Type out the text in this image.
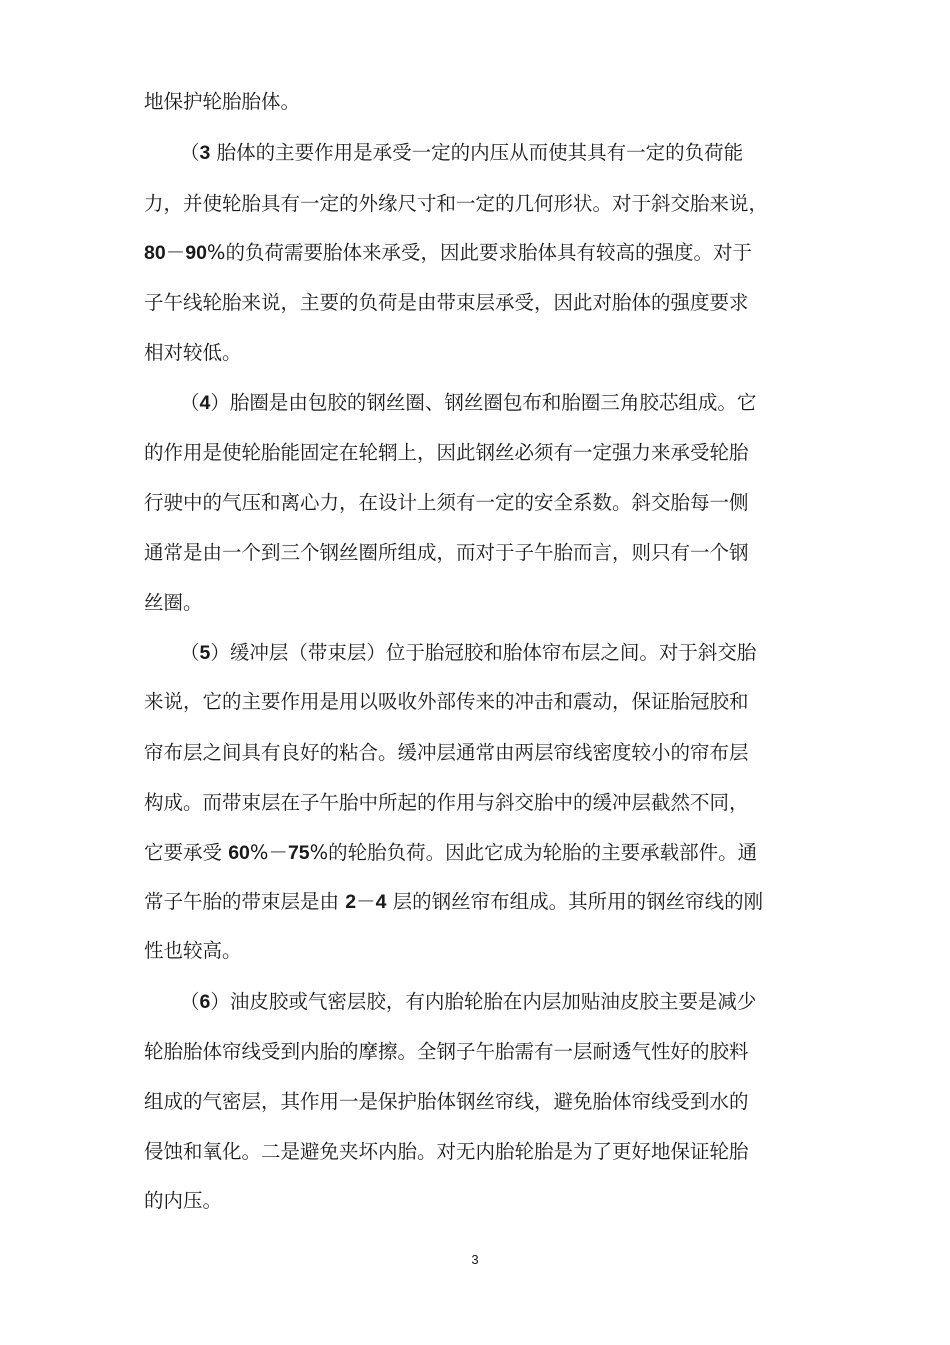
地保护轮胎胎体。
（3 胎体的主要作用是承受一定的内压从而使其具有一定的负荷能
力，并使轮胎具有一定的外缘尺寸和一定的几何形状。对于斜交胎来说，
80－90%的负荷需要胎体来承受，因此要求胎体具有较高的强度。对于
子午线轮胎来说，主要的负荷是由带束层承受，因此对胎体的强度要求
相对较低。
（4）胎圈是由包胶的钢丝圈、钢丝圈包布和胎圈三角胶芯组成。它
的作用是使轮胎能固定在轮辋上，因此钢丝必须有一定强力来承受轮胎
行驶中的气压和离心力，在设计上须有一定的安全系数。斜交胎每一侧
通常是由一个到三个钢丝圈所组成，而对于子午胎而言，则只有一个钢
丝圈。
（5）缓冲层（带束层）位于胎冠胶和胎体帘布层之间。对于斜交胎
来说，它的主要作用是用以吸收外部传来的冲击和震动，保证胎冠胶和
帘布层之间具有良好的粘合。缓冲层通常由两层帘线密度较小的帘布层
构成。而带束层在子午胎中所起的作用与斜交胎中的缓冲层截然不同，
它要承受 60%－75%的轮胎负荷。因此它成为轮胎的主要承载部件。通
常子午胎的带束层是由 2－4 层的钢丝帘布组成。其所用的钢丝帘线的刚
性也较高。
（6）油皮胶或气密层胶，有内胎轮胎在内层加贴油皮胶主要是减少
轮胎胎体帘线受到内胎的摩擦。全钢子午胎需有一层耐透气性好的胶料
组成的气密层，其作用一是保护胎体钢丝帘线，避免胎体帘线受到水的
侵蚀和氧化。二是避免夹坏内胎。对无内胎轮胎是为了更好地保证轮胎
的内压。
3
